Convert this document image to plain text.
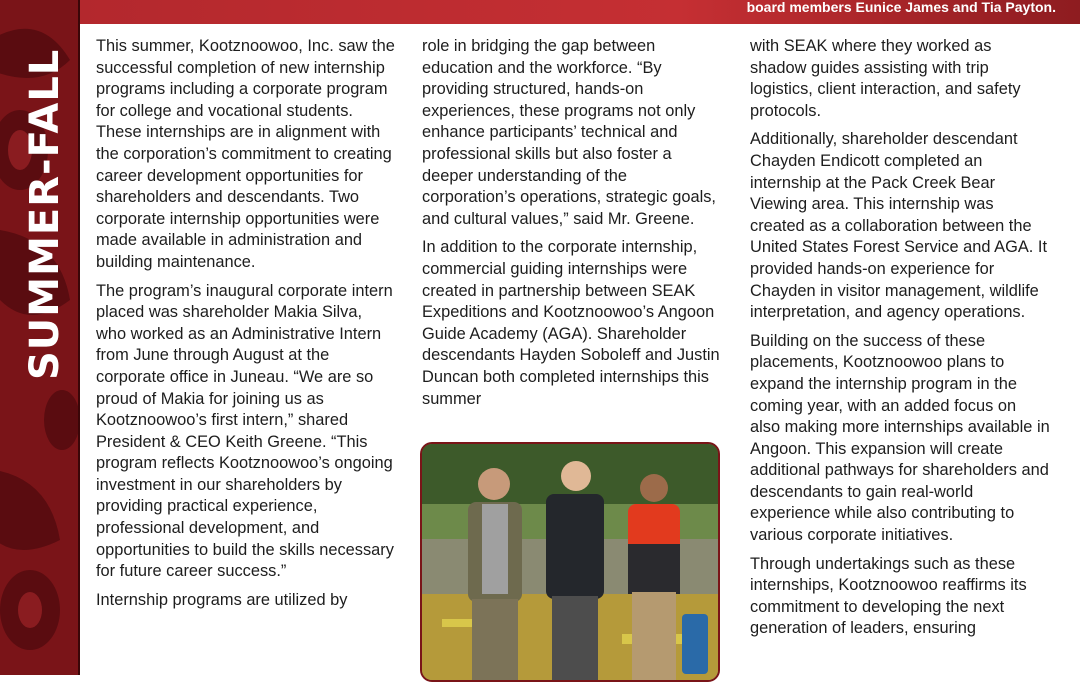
SUMMER-FALL
board members Eunice James and Tia Payton.

This summer, Kootznoowoo, Inc. saw the successful completion of new internship programs including a corporate program for college and vocational students. These internships are in alignment with the corporation’s commitment to creating career development opportunities for shareholders and descendants. Two corporate internship opportunities were made available in administration and building maintenance.

The program’s inaugural corporate intern placed was shareholder Makia Silva, who worked as an Administrative Intern from June through August at the corporate office in Juneau. “We are so proud of Makia for joining us as Kootznoowoo’s first intern,” shared President & CEO Keith Greene. “This program reflects Kootznoowoo’s ongoing investment in our shareholders by providing practical experience, professional development, and opportunities to build the skills necessary for future career success.”

Internship programs are utilized by

role in bridging the gap between education and the workforce. “By providing structured, hands-on experiences, these programs not only enhance participants’ technical and professional skills but also foster a deeper understanding of the corporation’s operations, strategic goals, and cultural values,” said Mr. Greene.

In addition to the corporate internship, commercial guiding internships were created in partnership between SEAK Expeditions and Kootznoowoo’s Angoon Guide Academy (AGA). Shareholder descendants Hayden Soboleff and Justin Duncan both completed internships this summer

with SEAK where they worked as shadow guides assisting with trip logistics, client interaction, and safety protocols.

Additionally, shareholder descendant Chayden Endicott completed an internship at the Pack Creek Bear Viewing area. This internship was created as a collaboration between the United States Forest Service and AGA. It provided hands-on experience for Chayden in visitor management, wildlife interpretation, and agency operations.

Building on the success of these placements, Kootznoowoo plans to expand the internship program in the coming year, with an added focus on also making more internships available in Angoon. This expansion will create additional pathways for shareholders and descendants to gain real-world experience while also contributing to various corporate initiatives.

Through undertakings such as these internships, Kootznoowoo reaffirms its commitment to developing the next generation of leaders, ensuring
